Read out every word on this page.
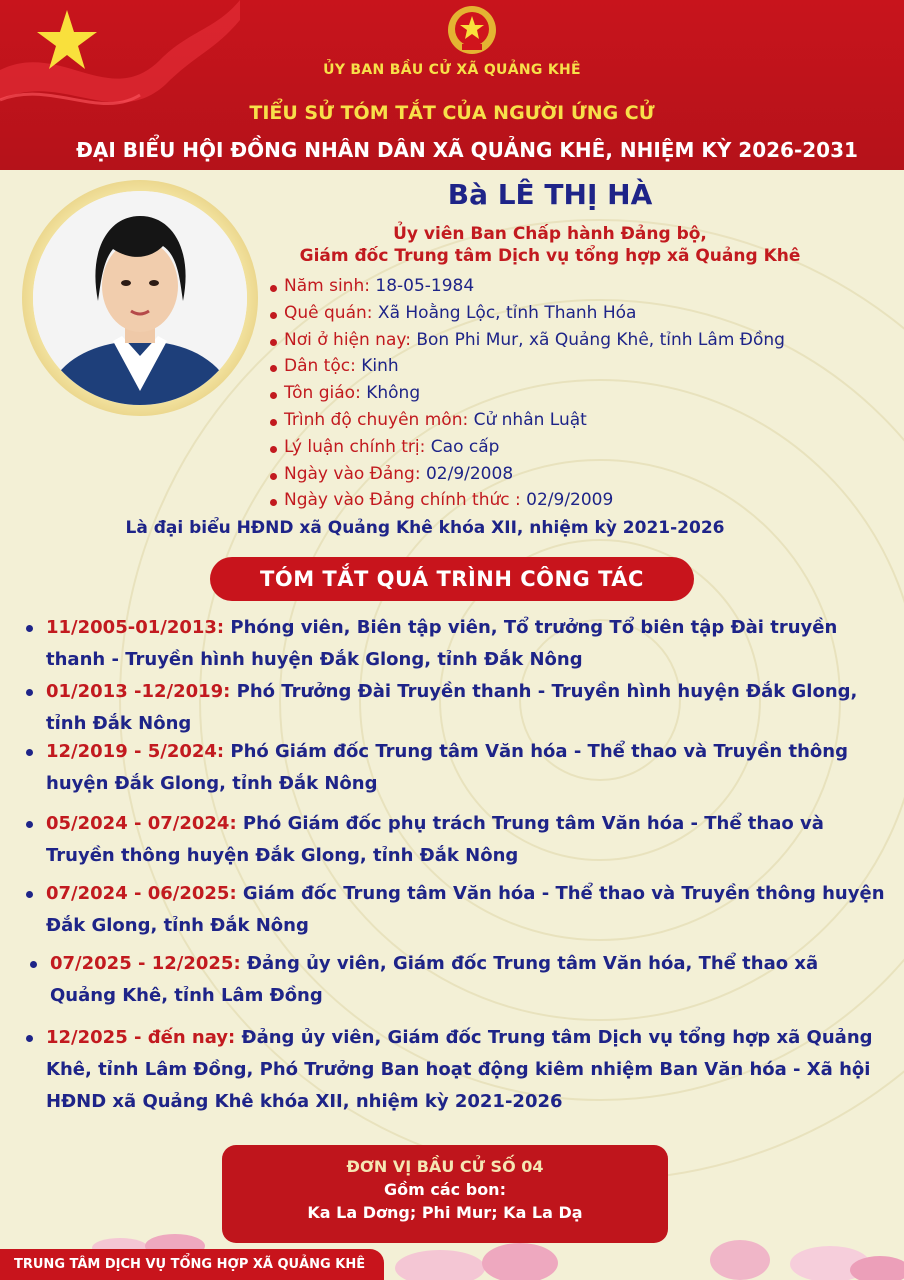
ỦY BAN BẦU CỬ XÃ QUẢNG KHÊ
TIỂU SỬ TÓM TẮT CỦA NGƯỜI ỨNG CỬ
ĐẠI BIỂU HỘI ĐỒNG NHÂN DÂN XÃ QUẢNG KHÊ, NHIỆM KỲ 2026-2031
Bà LÊ THỊ HÀ
Ủy viên Ban Chấp hành Đảng bộ,
Giám đốc Trung tâm Dịch vụ tổng hợp xã Quảng Khê
Năm sinh: 18-05-1984
Quê quán: Xã Hoằng Lộc, tỉnh Thanh Hóa
Nơi ở hiện nay: Bon Phi Mur, xã Quảng Khê, tỉnh Lâm Đồng
Dân tộc: Kinh
Tôn giáo: Không
Trình độ chuyên môn: Cử nhân Luật
Lý luận chính trị: Cao cấp
Ngày vào Đảng: 02/9/2008
Ngày vào Đảng chính thức : 02/9/2009
Là đại biểu HĐND xã Quảng Khê khóa XII, nhiệm kỳ 2021-2026
TÓM TẮT QUÁ TRÌNH CÔNG TÁC
11/2005-01/2013: Phóng viên, Biên tập viên, Tổ trưởng Tổ biên tập Đài truyền thanh - Truyền hình huyện Đắk Glong, tỉnh Đắk Nông
01/2013 -12/2019: Phó Trưởng Đài Truyền thanh - Truyền hình huyện Đắk Glong, tỉnh Đắk Nông
12/2019 - 5/2024: Phó Giám đốc Trung tâm Văn hóa - Thể thao và Truyền thông huyện Đắk Glong, tỉnh Đắk Nông
05/2024 - 07/2024: Phó Giám đốc phụ trách Trung tâm Văn hóa - Thể thao và Truyền thông huyện Đắk Glong, tỉnh Đắk Nông
07/2024 - 06/2025: Giám đốc Trung tâm Văn hóa - Thể thao và Truyền thông huyện Đắk Glong, tỉnh Đắk Nông
07/2025 - 12/2025: Đảng ủy viên, Giám đốc Trung tâm Văn hóa, Thể thao xã Quảng Khê, tỉnh Lâm Đồng
12/2025 - đến nay: Đảng ủy viên, Giám đốc Trung tâm Dịch vụ tổng hợp xã Quảng Khê, tỉnh Lâm Đồng, Phó Trưởng Ban hoạt động kiêm nhiệm Ban Văn hóa - Xã hội HĐND xã Quảng Khê khóa XII, nhiệm kỳ 2021-2026
ĐƠN VỊ BẦU CỬ SỐ 04
Gồm các bon:
Ka La Dơng; Phi Mur; Ka La Dạ
TRUNG TÂM DỊCH VỤ TỔNG HỢP XÃ QUẢNG KHÊ
